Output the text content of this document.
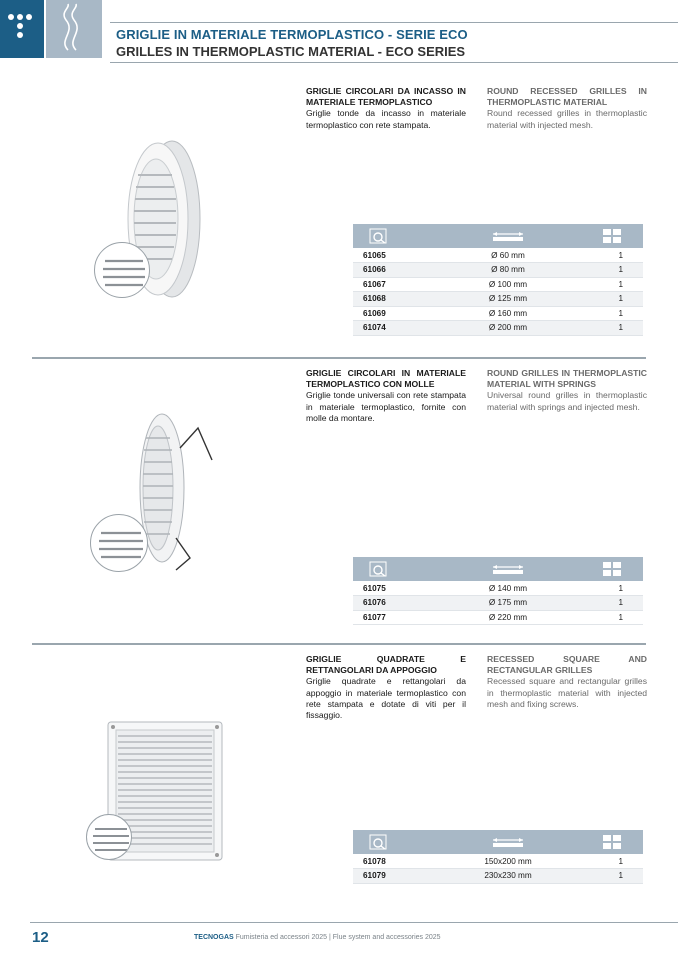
GRIGLIE IN MATERIALE TERMOPLASTICO - SERIE ECO
GRILLES IN THERMOPLASTIC MATERIAL - ECO SERIES
GRIGLIE CIRCOLARI DA INCASSO IN MATERIALE TERMOPLASTICO
Griglie tonde da incasso in materiale termoplastico con rete stampata.
ROUND RECESSED GRILLES IN THERMOPLASTIC MATERIAL
Round recessed grilles in thermoplastic material with injected mesh.

61065	Ø 60 mm	1
61066	Ø 80 mm	1
61067	Ø 100 mm	1
61068	Ø 125 mm	1
61069	Ø 160 mm	1
61074	Ø 200 mm	1
GRIGLIE CIRCOLARI IN MATERIALE TERMOPLASTICO CON MOLLE
Griglie tonde universali con rete stampata in materiale termoplastico, fornite con molle da montare.
ROUND GRILLES IN THERMOPLASTIC MATERIAL WITH SPRINGS
Universal round grilles in thermoplastic material with springs and injected mesh.

61075	Ø 140 mm	1
61076	Ø 175 mm	1
61077	Ø 220 mm	1
GRIGLIE QUADRATE E RETTANGOLARI DA APPOGGIO
Griglie quadrate e rettangolari da appoggio in materiale termoplastico con rete stampata e dotate di viti per il fissaggio.
RECESSED SQUARE AND RECTANGULAR GRILLES
Recessed square and rectangular grilles in thermoplastic material with injected mesh and fixing screws.

61078	150x200 mm	1
61079	230x230 mm	1
12	TECNOGAS Fumisteria ed accessori 2025 | Flue system and accessories 2025
